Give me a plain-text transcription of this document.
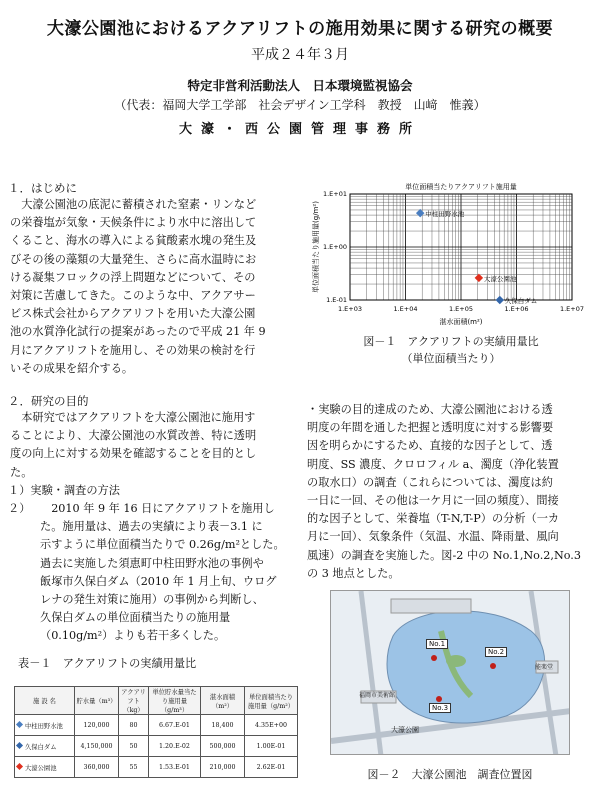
大濠公園池におけるアクアリフトの施用効果に関する研究の概要
平成２４年３月
特定非営利活動法人　日本環境監視協会
（代表：福岡大学工学部　社会デザイン工学科　教授　山﨑　惟義）
大濠・西公園管理事務所
１．はじめに
　大濠公園池の底泥に蓄積された窒素・リンなど
の栄養塩が気象・天候条件により水中に溶出して
くること、海水の導入による貧酸素水塊の発生及
びその後の藻類の大量発生、さらに高水温時にお
ける凝集フロックの浮上問題などについて、その
対策に苦慮してきた。このような中、アクアサー
ビス株式会社からアクアリフトを用いた大濠公園
池の水質浄化試行の提案があったので平成 21 年 9
月にアクアリフトを施用し、その効果の検討を行
いその成果を紹介する。
２．研究の目的
　本研究ではアクアリフトを大濠公園池に施用す
ることにより、大濠公園池の水質改善、特に透明
度の向上に対する効果を確認することを目的とし
た。
１）実験・調査の方法
２） 　2010 年 9 年 16 日にアクアリフトを施用し
た。施用量は、過去の実績により表－3.1 に
示すように単位面積当たりで 0.26g/m²とした。
過去に実施した須恵町中柱田野水池の事例や
飯塚市久保白ダム（2010 年 1 月上旬、ウログ
レナの発生対策に施用）の事例から判断し、
久保白ダムの単位面積当たりの施用量
（0.10g/m²）よりも若干多くした。
表－１　アクアリフトの実績用量比
施 設 名	貯水量（m³）	アクアリフト（kg）	単位貯水量当たり施用量（g/m³）	湛水面積（m²）	単位面積当たり施用量（g/m²）
中柱田野水池	120,000	80	6.67.E-01	18,400	4.35E+00
久保白ダム	4,150,000	50	1.20.E-02	500,000	1.00E-01
大濠公園池	360,000	55	1.53.E-01	210,000	2.62E-01
単位面積当たりアクアリフト施用量
湛水面積(m²)
単位面積当たり施用量(g/m²)
1.E+03	1.E+04	1.E+05	1.E+06	1.E+07
1.E+01
1.E+00
1.E-01
中柱田野水池
大濠公園池
久保白ダム
図－１　アクアリフトの実績用量比
（単位面積当たり）
・実験の目的達成のため、大濠公園池における透
明度の年間を通した把握と透明度に対する影響要
因を明らかにするため、直接的な因子として、透
明度、SS 濃度、クロロフィル a、濁度（浄化装置
の取水口）の調査（これらについては、濁度は約
一日に一回、その他は一ケ月に一回の頻度）、間接
的な因子として、栄養塩（T-N,T-P）の分析（一カ
月に一回）、気象条件（気温、水温、降雨量、風向
風速）の調査を実施した。図-2 中の No.1,No.2,No.3
の 3 地点とした。
No.1
No.2
No.3
大濠公園
福岡市美術館
能楽堂
図－２　大濠公園池　調査位置図
